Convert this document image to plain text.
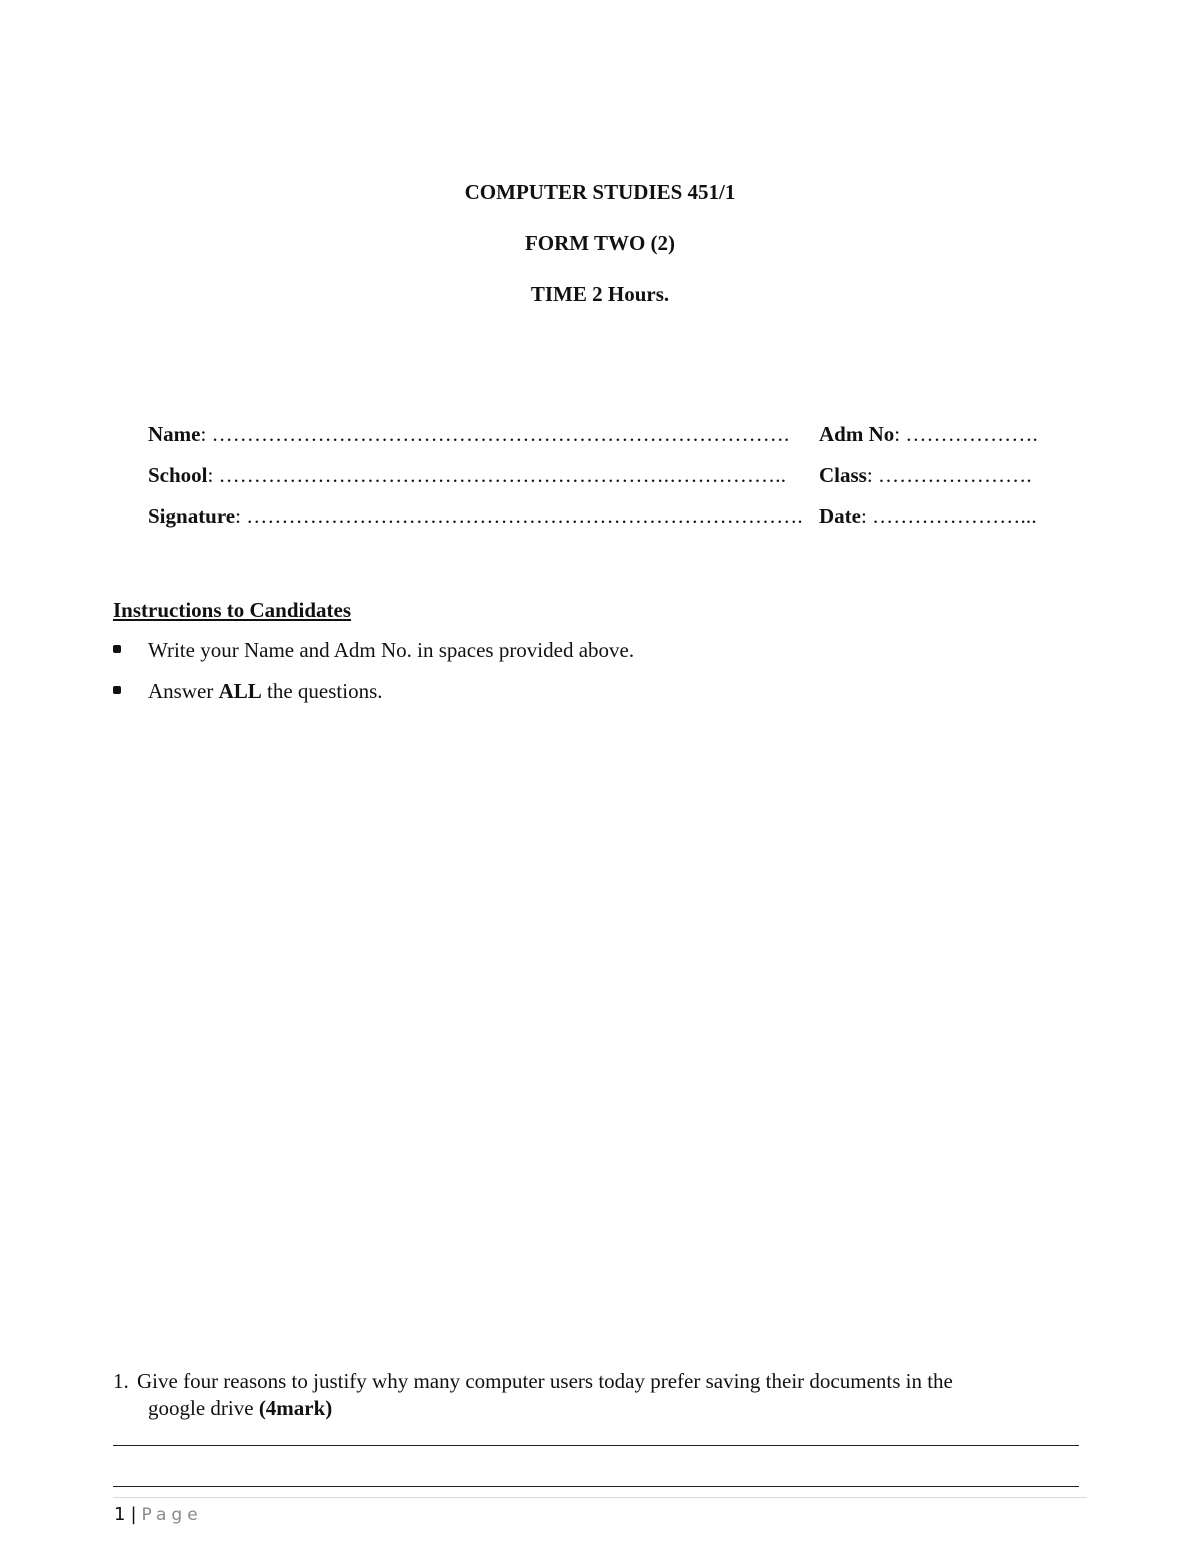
COMPUTER STUDIES 451/1
FORM TWO (2)
TIME 2 Hours.
Name: ………………………………………………………………………. Adm No: ……………….
School: ……………………………………………………….…………….. Class: ………………….
Signature: ……………………………………………………………………. Date: …………………...
Instructions to Candidates
Write your Name and Adm No. in spaces provided above.
Answer ALL the questions.
1. Give four reasons to justify why many computer users today prefer saving their documents in the
google drive (4mark)
1 | Page
